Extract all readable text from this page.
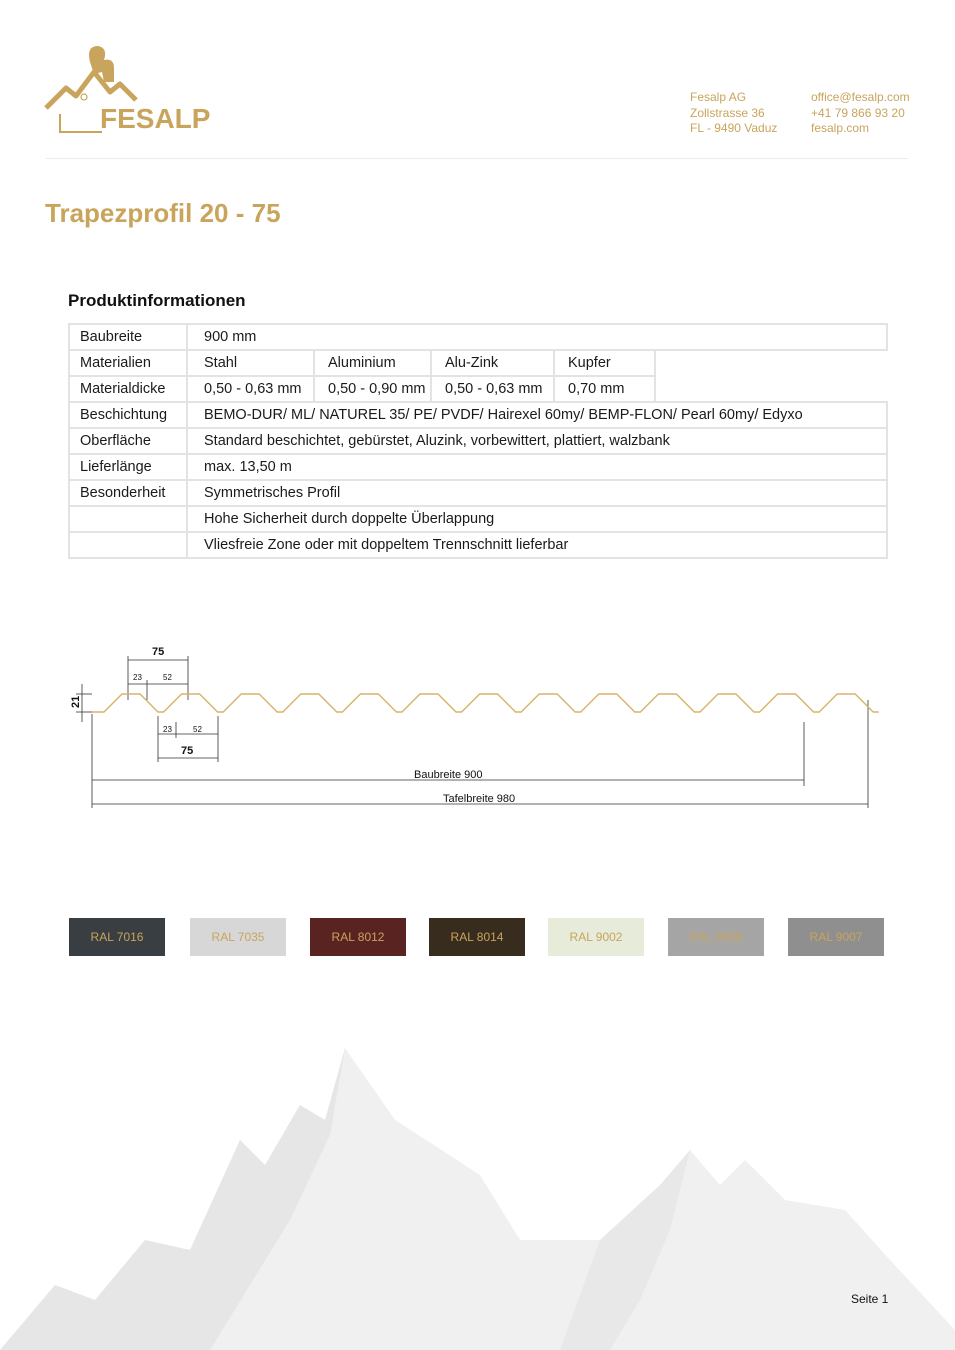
FESALP
Fesalp AG
Zollstrasse 36
FL - 9490 Vaduz
office@fesalp.com
+41 79 866 93 20
fesalp.com
Trapezprofil 20 - 75
Produktinformationen
Baubreite	900 mm				
Materialien	Stahl	Aluminium	Alu-Zink	Kupfer	
Materialdicke	0,50 - 0,63 mm	0,50 - 0,90 mm	0,50 - 0,63 mm	0,70 mm	
Beschichtung	BEMO-DUR/ ML/ NATUREL 35/ PE/ PVDF/ Hairexel 60my/ BEMP-FLON/ Pearl 60my/ Edyxo				
Oberfläche	Standard beschichtet, gebürstet, Aluzink, vorbewittert, plattiert, walzbank				
Lieferlänge	max. 13,50 m				
Besonderheit	Symmetrisches Profil				
	Hohe Sicherheit durch doppelte Überlappung				
	Vliesfreie Zone oder mit doppeltem Trennschnitt lieferbar				
75
23	52
21
23	52
75
Baubreite 900
Tafelbreite 980
RAL 7016	RAL 7035	RAL 8012	RAL 8014	RAL 9002	RAL 9006	RAL 9007
Seite 1
